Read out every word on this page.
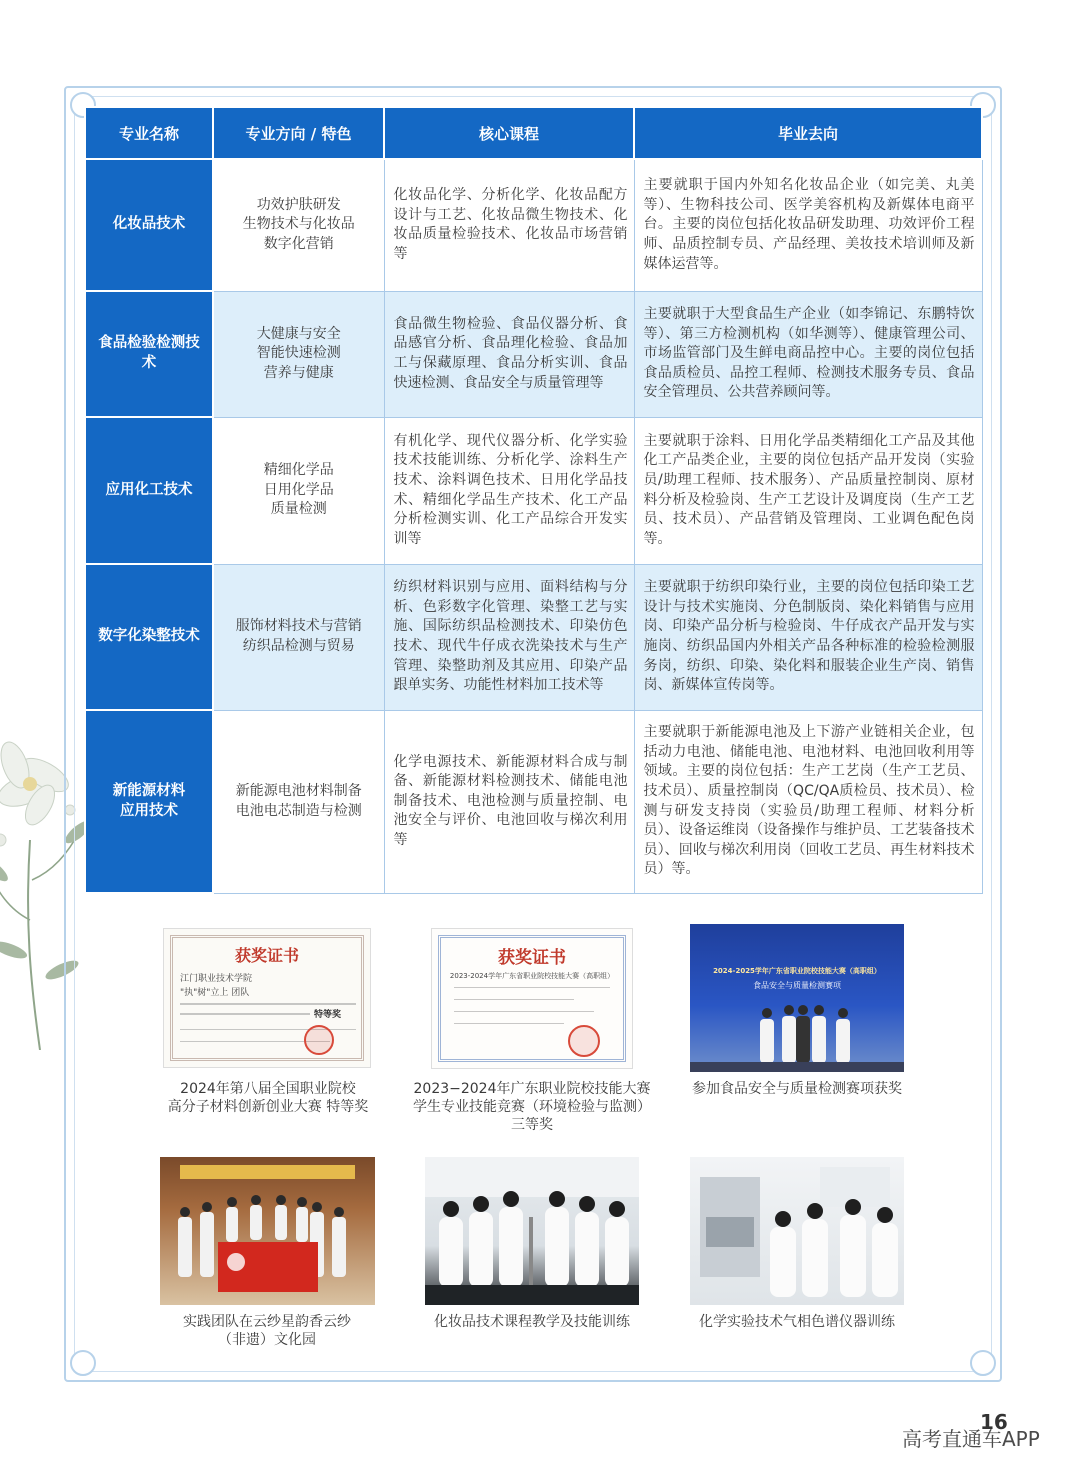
专业名称	专业方向 / 特色	核心课程	毕业去向

化妆品技术	功效护肤研发
生物技术与化妆品
数字化营销	化妆品化学、分析化学、化妆品配方设计与工艺、化妆品微生物技术、化妆品质量检验技术、化妆品市场营销等	主要就职于国内外知名化妆品企业（如完美、丸美等）、生物科技公司、医学美容机构及新媒体电商平台。主要的岗位包括化妆品研发助理、功效评价工程师、品质控制专员、产品经理、美妆技术培训师及新媒体运营等。

食品检验检测技术	大健康与安全
智能快速检测
营养与健康	食品微生物检验、食品仪器分析、食品感官分析、食品理化检验、食品加工与保藏原理、食品分析实训、食品快速检测、食品安全与质量管理等	主要就职于大型食品生产企业（如李锦记、东鹏特饮等）、第三方检测机构（如华测等）、健康管理公司、市场监管部门及生鲜电商品控中心。主要的岗位包括食品质检员、品控工程师、检测技术服务专员、食品安全管理员、公共营养顾问等。

应用化工技术	精细化学品
日用化学品
质量检测	有机化学、现代仪器分析、化学实验技术技能训练、分析化学、涂料生产技术、涂料调色技术、日用化学品技术、精细化学品生产技术、化工产品分析检测实训、化工产品综合开发实训等	主要就职于涂料、日用化学品类精细化工产品及其他化工产品类企业，主要的岗位包括产品开发岗（实验员/助理工程师、技术服务）、产品质量控制岗、原材料分析及检验岗、生产工艺设计及调度岗（生产工艺员、技术员）、产品营销及管理岗、工业调色配色岗等。

数字化染整技术	服饰材料技术与营销
纺织品检测与贸易	纺织材料识别与应用、面料结构与分析、色彩数字化管理、染整工艺与实施、国际纺织品检测技术、印染仿色技术、现代牛仔成衣洗染技术与生产管理、染整助剂及其应用、印染产品跟单实务、功能性材料加工技术等	主要就职于纺织印染行业，主要的岗位包括印染工艺设计与技术实施岗、分色制版岗、染化料销售与应用岗、印染产品分析与检验岗、牛仔成衣产品开发与实施岗、纺织品国内外相关产品各种标准的检验检测服务岗，纺织、印染、染化料和服装企业生产岗、销售岗、新媒体宣传岗等。

新能源材料
应用技术	新能源电池材料制备
电池电芯制造与检测	化学电源技术、新能源材料合成与制备、新能源材料检测技术、储能电池制备技术、电池检测与质量控制、电池安全与评价、电池回收与梯次利用等	主要就职于新能源电池及上下游产业链相关企业，包括动力电池、储能电池、电池材料、电池回收利用等领域。主要的岗位包括：生产工艺岗（生产工艺员、技术员）、质量控制岗（QC/QA质检员、技术员）、检测与研发支持岗（实验员/助理工程师、材料分析员）、设备运维岗（设备操作与维护员、工艺装备技术员）、回收与梯次利用岗（回收工艺员、再生材料技术员）等。
获奖证书
江门职业技术学院
"执"树"立上 团队
特等奖
2024年第八届全国职业院校
高分子材料创新创业大赛 特等奖
获奖证书
2023-2024学年广东省职业院校技能大赛（高职组）
2023−2024年广东职业院校技能大赛
学生专业技能竞赛（环境检验与监测）
三等奖
2024-2025学年广东省职业院校技能大赛（高职组）
食品安全与质量检测赛项
参加食品安全与质量检测赛项获奖
实践团队在云纱星韵香云纱
（非遗）文化园
化妆品技术课程教学及技能训练	化学实验技术气相色谱仪器训练
16
高考直通车APP
